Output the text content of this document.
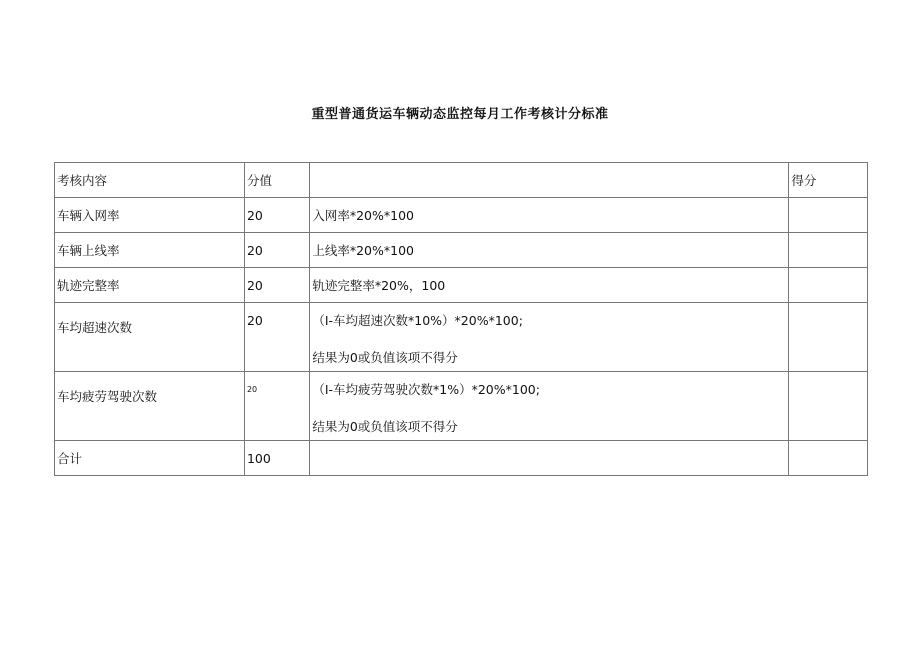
重型普通货运车辆动态监控每月工作考核计分标准
考核内容	分值		得分

车辆入网率	20	入网率*20%*100	

车辆上线率	20	上线率*20%*100	

轨迹完整率	20	轨迹完整率*20%，100	

车均超速次数	20	（I-车均超速次数*10%）*20%*100;
结果为0或负值该项不得分	

车均疲劳驾驶次数	20	（I-车均疲劳驾驶次数*1%）*20%*100;
结果为0或负值该项不得分	

合计	100		
